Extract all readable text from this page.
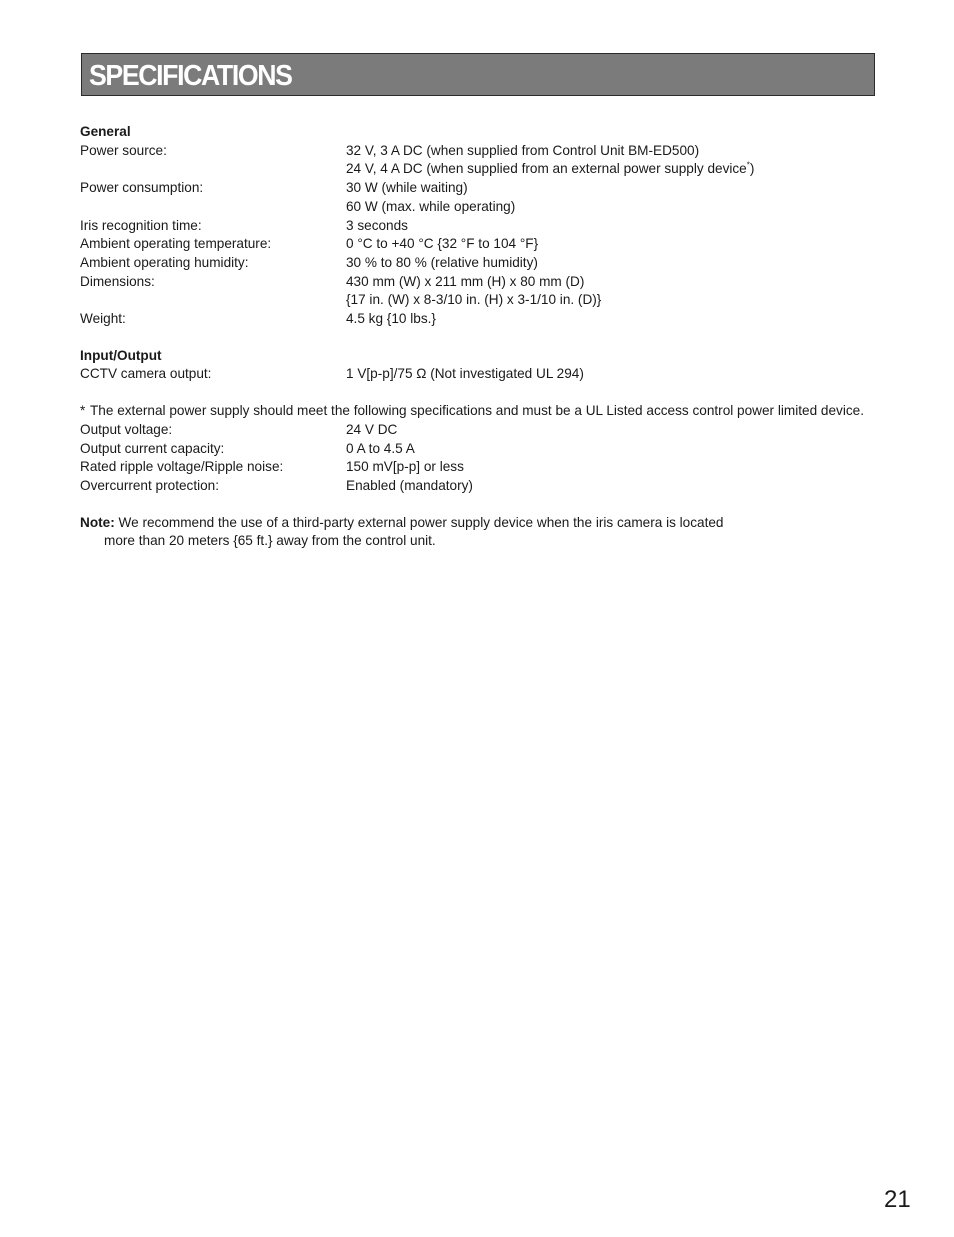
SPECIFICATIONS

General

Power source:	32 V, 3 A DC (when supplied from Control Unit BM-ED500)
24 V, 4 A DC (when supplied from an external power supply device*)
Power consumption:	30 W (while waiting)
60 W (max. while operating)
Iris recognition time:	3 seconds
Ambient operating temperature:	0 °C to +40 °C {32 °F to 104 °F}
Ambient operating humidity:	30 % to 80 % (relative humidity)
Dimensions:	430 mm (W) x 211 mm (H) x 80 mm (D)
{17 in. (W) x 8-3/10 in. (H) x 3-1/10 in. (D)}
Weight:	4.5 kg {10 lbs.}

Input/Output

CCTV camera output:	1 V[p-p]/75 Ω (Not investigated UL 294)
* The external power supply should meet the following specifications and must be a UL Listed access control power limited device.
Output voltage:	24 V DC
Output current capacity:	0 A to 4.5 A
Rated ripple voltage/Ripple noise:	150 mV[p-p] or less
Overcurrent protection:	Enabled (mandatory)
Note: We recommend the use of a third-party external power supply device when the iris camera is located
more than 20 meters {65 ft.} away from the control unit.
21
